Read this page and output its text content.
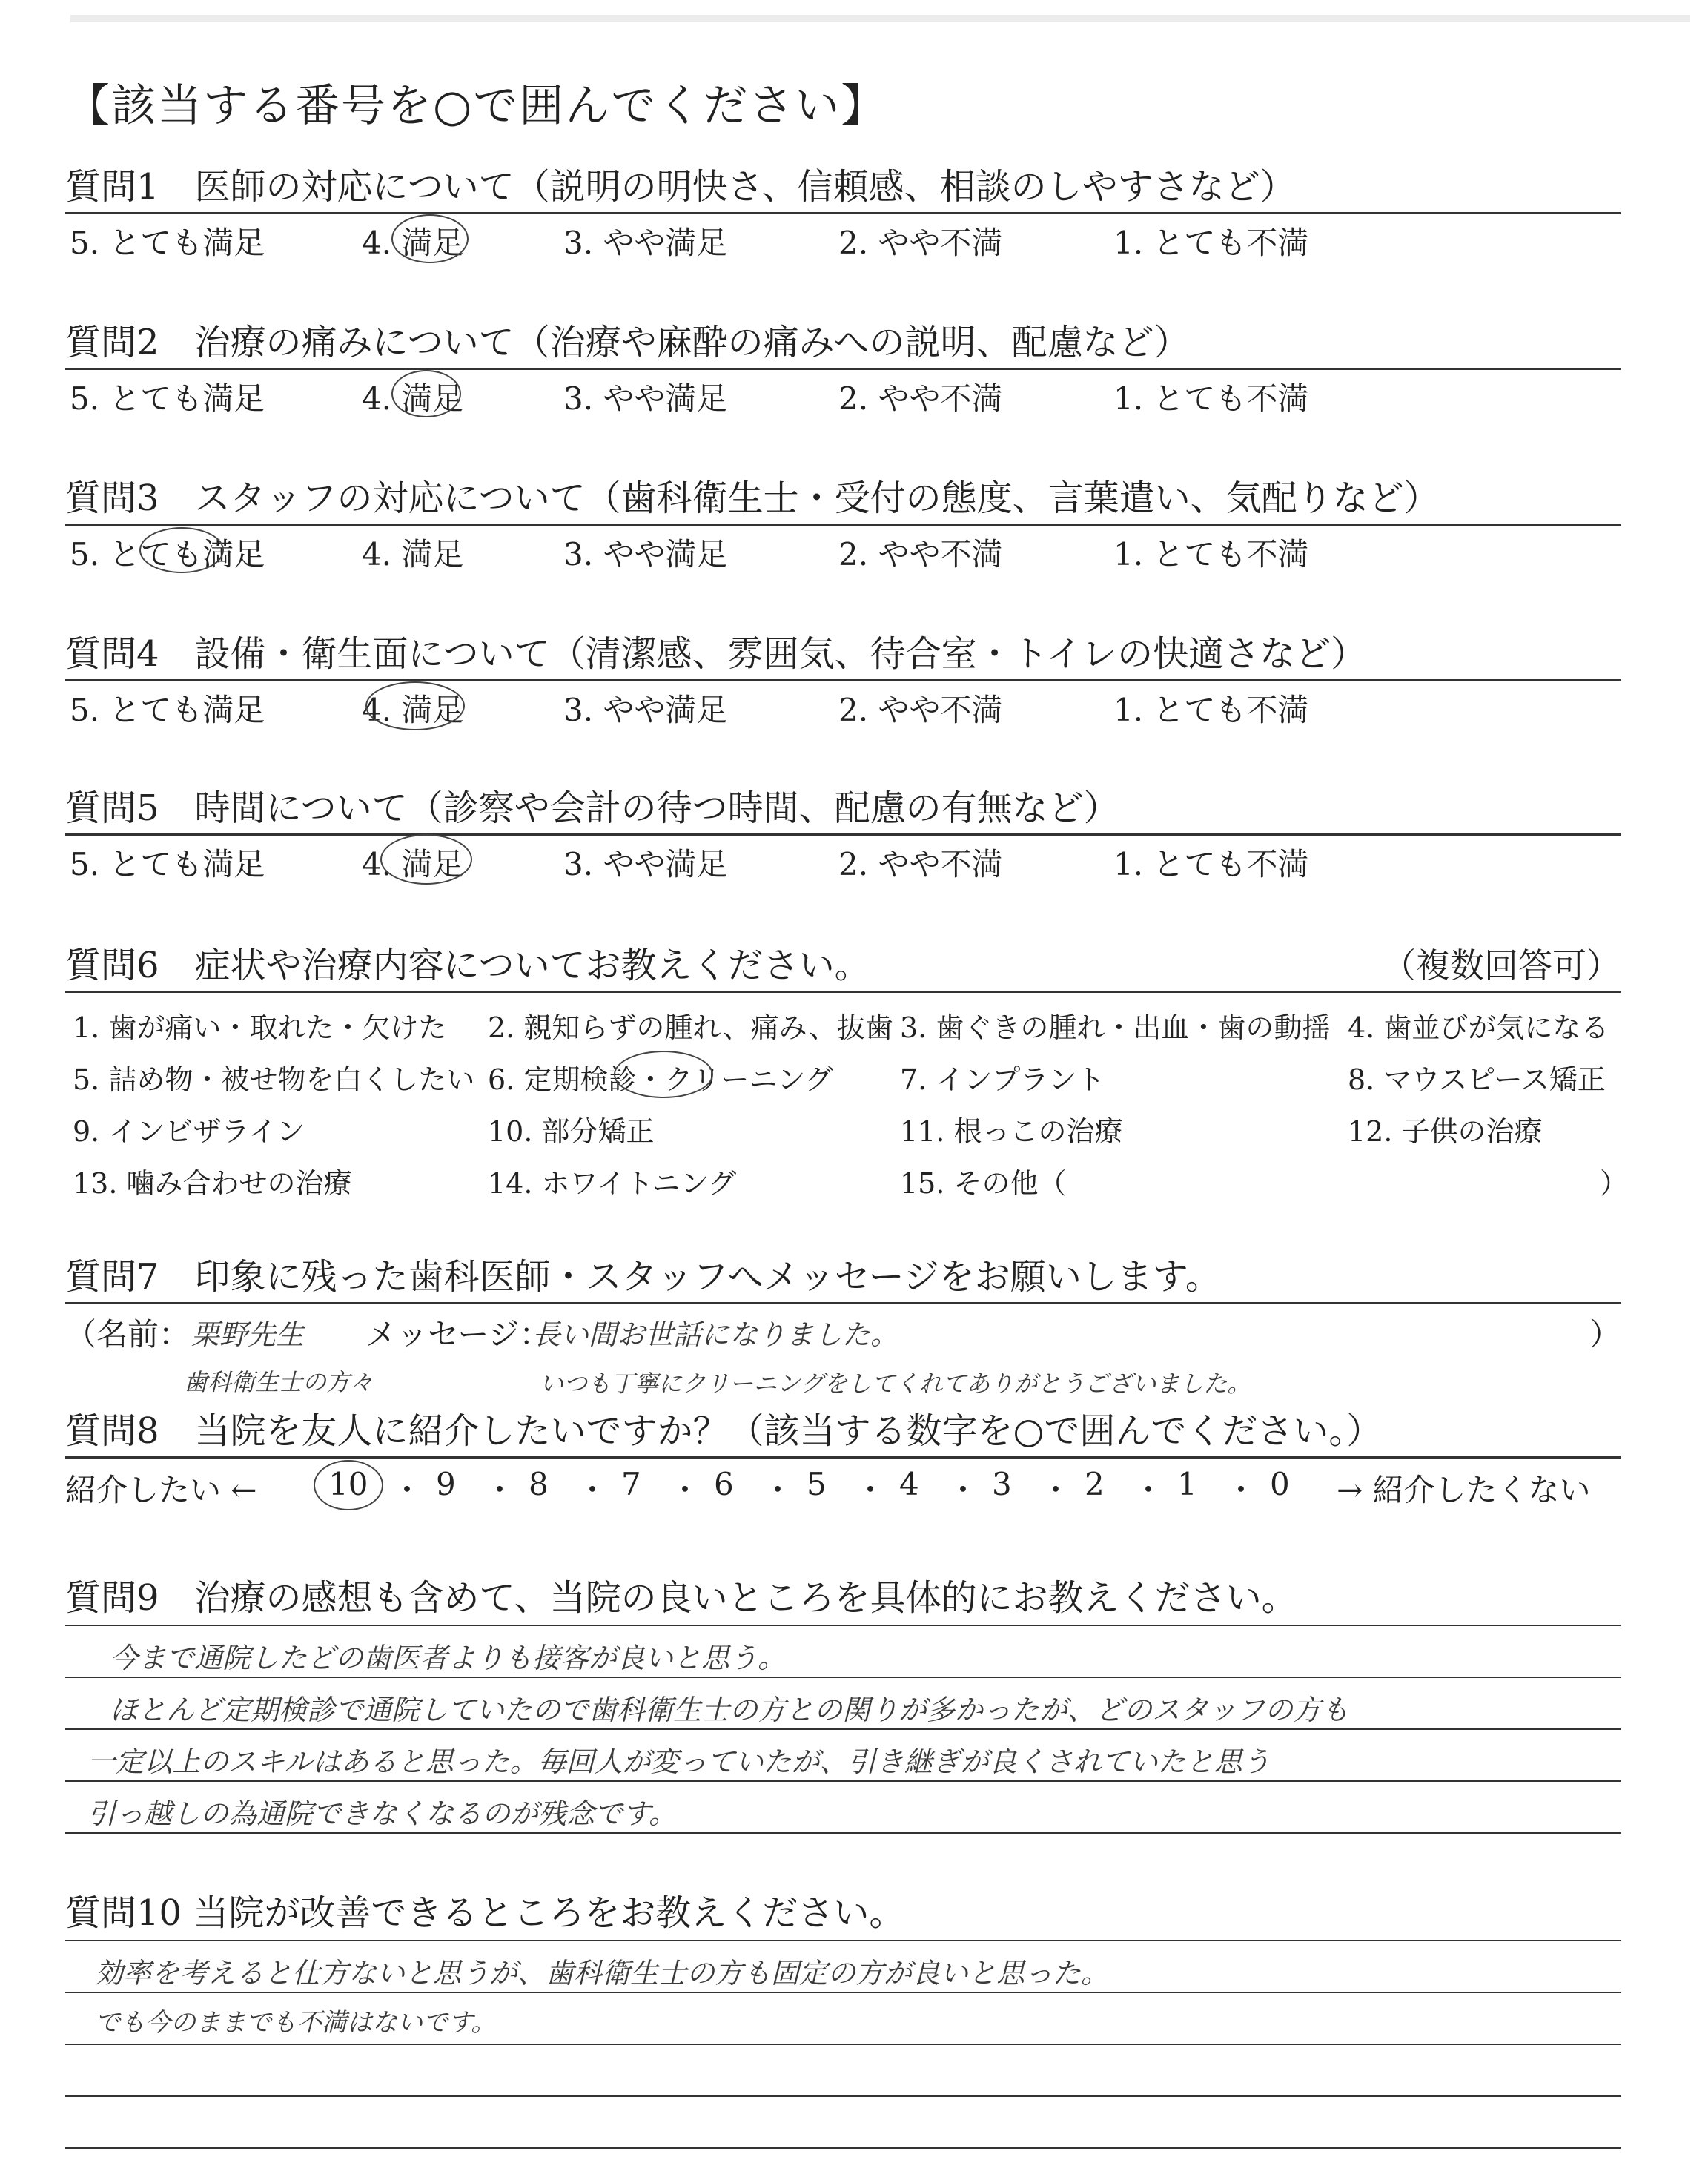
【該当する番号を○で囲んでください】
質問1　医師の対応について（説明の明快さ、信頼感、相談のしやすさなど）
5. とても満足	4. 満足	3. やや満足	2. やや不満	1. とても不満
質問2　治療の痛みについて（治療や麻酔の痛みへの説明、配慮など）
5. とても満足	4. 満足	3. やや満足	2. やや不満	1. とても不満
質問3　スタッフの対応について（歯科衛生士・受付の態度、言葉遣い、気配りなど）
5. とても満足	4. 満足	3. やや満足	2. やや不満	1. とても不満
質問4　設備・衛生面について（清潔感、雰囲気、待合室・トイレの快適さなど）
5. とても満足	4. 満足	3. やや満足	2. やや不満	1. とても不満
質問5　時間について（診察や会計の待つ時間、配慮の有無など）
5. とても満足	4. 満足	3. やや満足	2. やや不満	1. とても不満
質問6　症状や治療内容についてお教えください。	（複数回答可）
1. 歯が痛い・取れた・欠けた 2. 親知らずの腫れ、痛み、抜歯 3. 歯ぐきの腫れ・出血・歯の動揺 4. 歯並びが気になる
5. 詰め物・被せ物を白くしたい 6. 定期検診・クリーニング 7. インプラント	8. マウスピース矯正
9. インビザライン	10. 部分矯正	11. 根っこの治療	12. 子供の治療
13. 噛み合わせの治療	14. ホワイトニング	15. その他（	）
質問7　印象に残った歯科医師・スタッフへメッセージをお願いします。
（名前： 栗野先生 メッセージ：
長い間お世話になりました。	）
歯科衛生士の方々	いつも丁寧にクリーニングをしてくれてありがとうございました。
質問8　当院を友人に紹介したいですか？（該当する数字を○で囲んでください。）
紹介したい ← 10 ・ 9 ・ 8 ・ 7 ・ 6 ・ 5 ・ 4 ・ 3 ・ 2 ・ 1 ・ 0 → 紹介したくない
質問9　治療の感想も含めて、当院の良いところを具体的にお教えください。
今まで通院したどの歯医者よりも接客が良いと思う。
ほとんど定期検診で通院していたので歯科衛生士の方との関りが多かったが、どのスタッフの方も
一定以上のスキルはあると思った。毎回人が変っていたが、引き継ぎが良くされていたと思う
引っ越しの為通院できなくなるのが残念です。
質問10 当院が改善できるところをお教えください。
効率を考えると仕方ないと思うが、歯科衛生士の方も固定の方が良いと思った。
でも今のままでも不満はないです。
